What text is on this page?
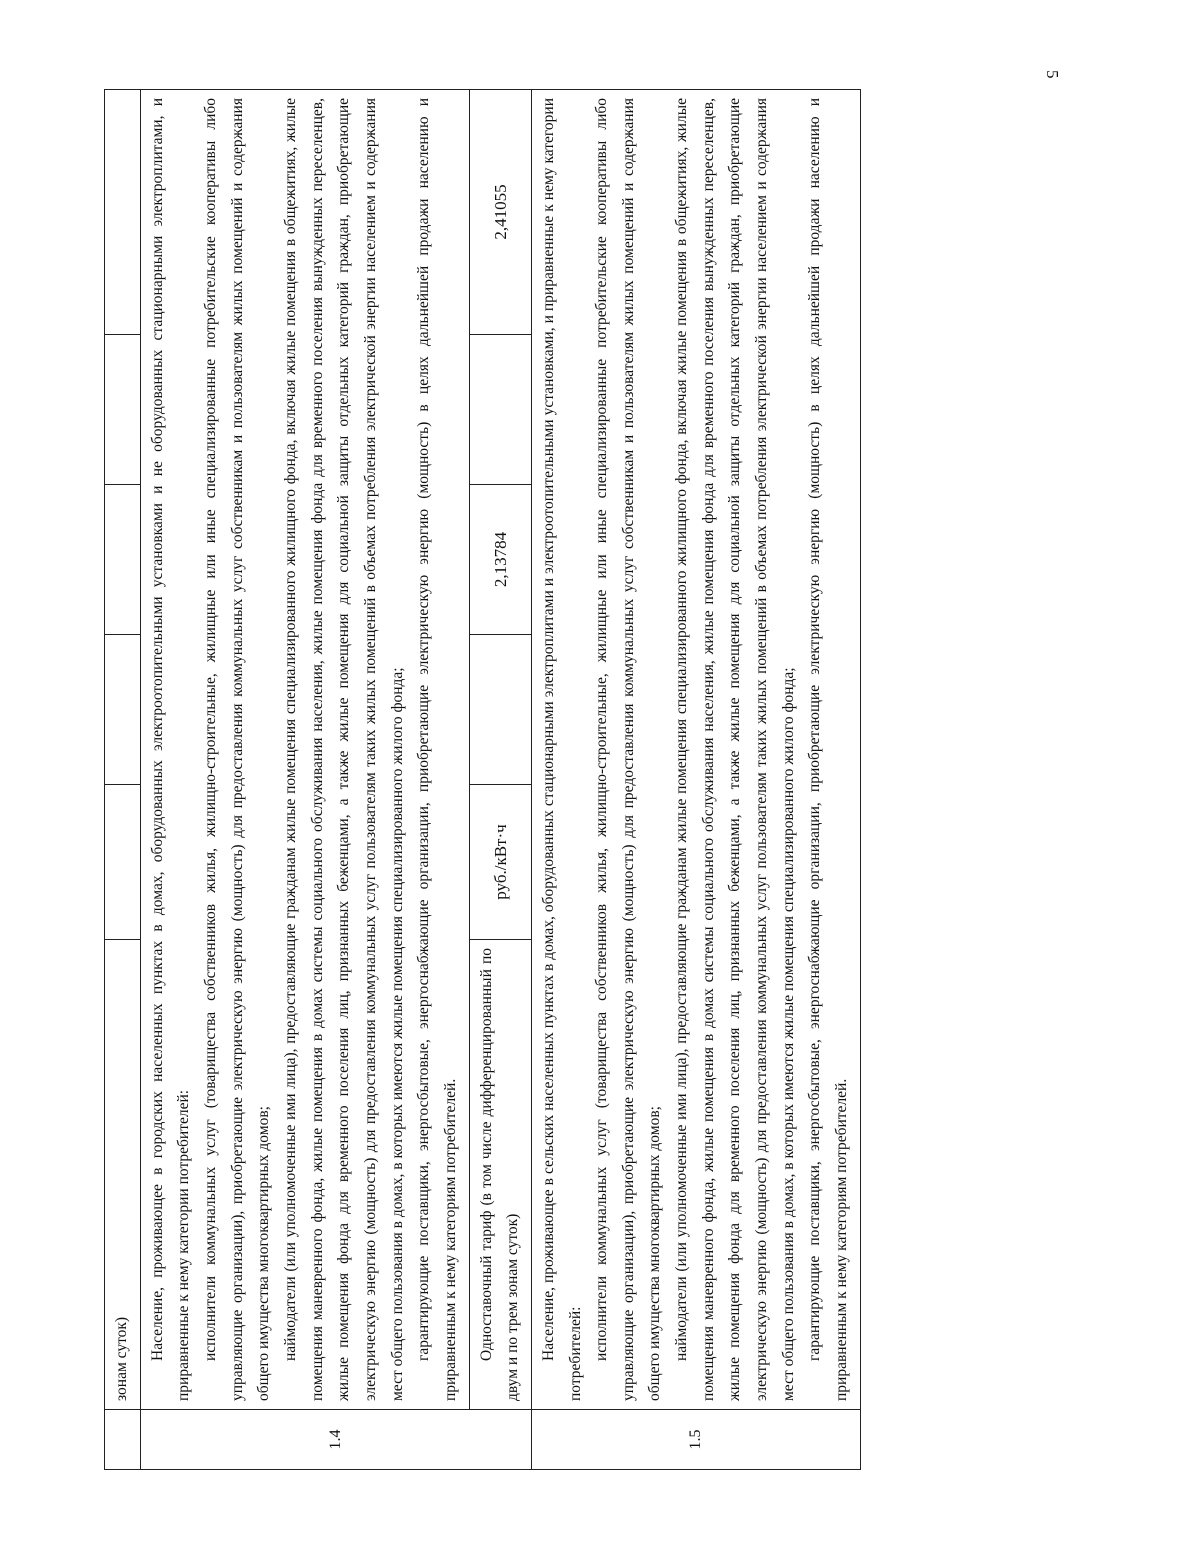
5
	зонам суток)					
1.4	Население, проживающее в городских населенных пунктах в домах, оборудованных электроотопительными установками и не оборудованных стационарными электроплитами, и приравненные к нему категории потребителей: исполнители коммунальных услуг (товарищества собственников жилья, жилищно-строительные, жилищные или иные специализированные потребительские кооперативы либо управляющие организации), приобретающие электрическую энергию (мощность) для предоставления коммунальных услуг собственникам и пользователям жилых помещений и содержания общего имущества многоквартирных домов; наймодатели (или уполномоченные ими лица), предоставляющие гражданам жилые помещения специализированного жилищного фонда, включая жилые помещения в общежитиях, жилые помещения маневренного фонда, жилые помещения в домах системы социального обслуживания населения, жилые помещения фонда для временного поселения вынужденных переселенцев, жилые помещения фонда для временного поселения лиц, признанных беженцами, а также жилые помещения для социальной защиты отдельных категорий граждан, приобретающие электрическую энергию (мощность) для предоставления коммунальных услуг пользователям таких жилых помещений в объемах потребления электрической энергии населением и содержания мест общего пользования в домах, в которых имеются жилые помещения специализированного жилого фонда; гарантирующие поставщики, энергосбытовые, энергоснабжающие организации, приобретающие электрическую энергию (мощность) в целях дальнейшей продажи населению и приравненным к нему категориям потребителей.					

	Одноставочный тариф (в том числе дифференцированный по двум и по трем зонам суток)	руб./кВт·ч		2,13784		2,41055
1.5	Население, проживающее в сельских населенных пунктах в домах, оборудованных стационарными электроплитами и электроотопительными установками, и приравненные к нему категории потребителей: исполнители коммунальных услуг (товарищества собственников жилья, жилищно-строительные, жилищные или иные специализированные потребительские кооперативы либо управляющие организации), приобретающие электрическую энергию (мощность) для предоставления коммунальных услуг собственникам и пользователям жилых помещений и содержания общего имущества многоквартирных домов; наймодатели (или уполномоченные ими лица), предоставляющие гражданам жилые помещения специализированного жилищного фонда, включая жилые помещения в общежитиях, жилые помещения маневренного фонда, жилые помещения в домах системы социального обслуживания населения, жилые помещения фонда для временного поселения вынужденных переселенцев, жилые помещения фонда для временного поселения лиц, признанных беженцами, а также жилые помещения для социальной защиты отдельных категорий граждан, приобретающие электрическую энергию (мощность) для предоставления коммунальных услуг пользователям таких жилых помещений в объемах потребления электрической энергии населением и содержания мест общего пользования в домах, в которых имеются жилые помещения специализированного жилого фонда; гарантирующие поставщики, энергосбытовые, энергоснабжающие организации, приобретающие электрическую энергию (мощность) в целях дальнейшей продажи населению и приравненным к нему категориям потребителей.					
